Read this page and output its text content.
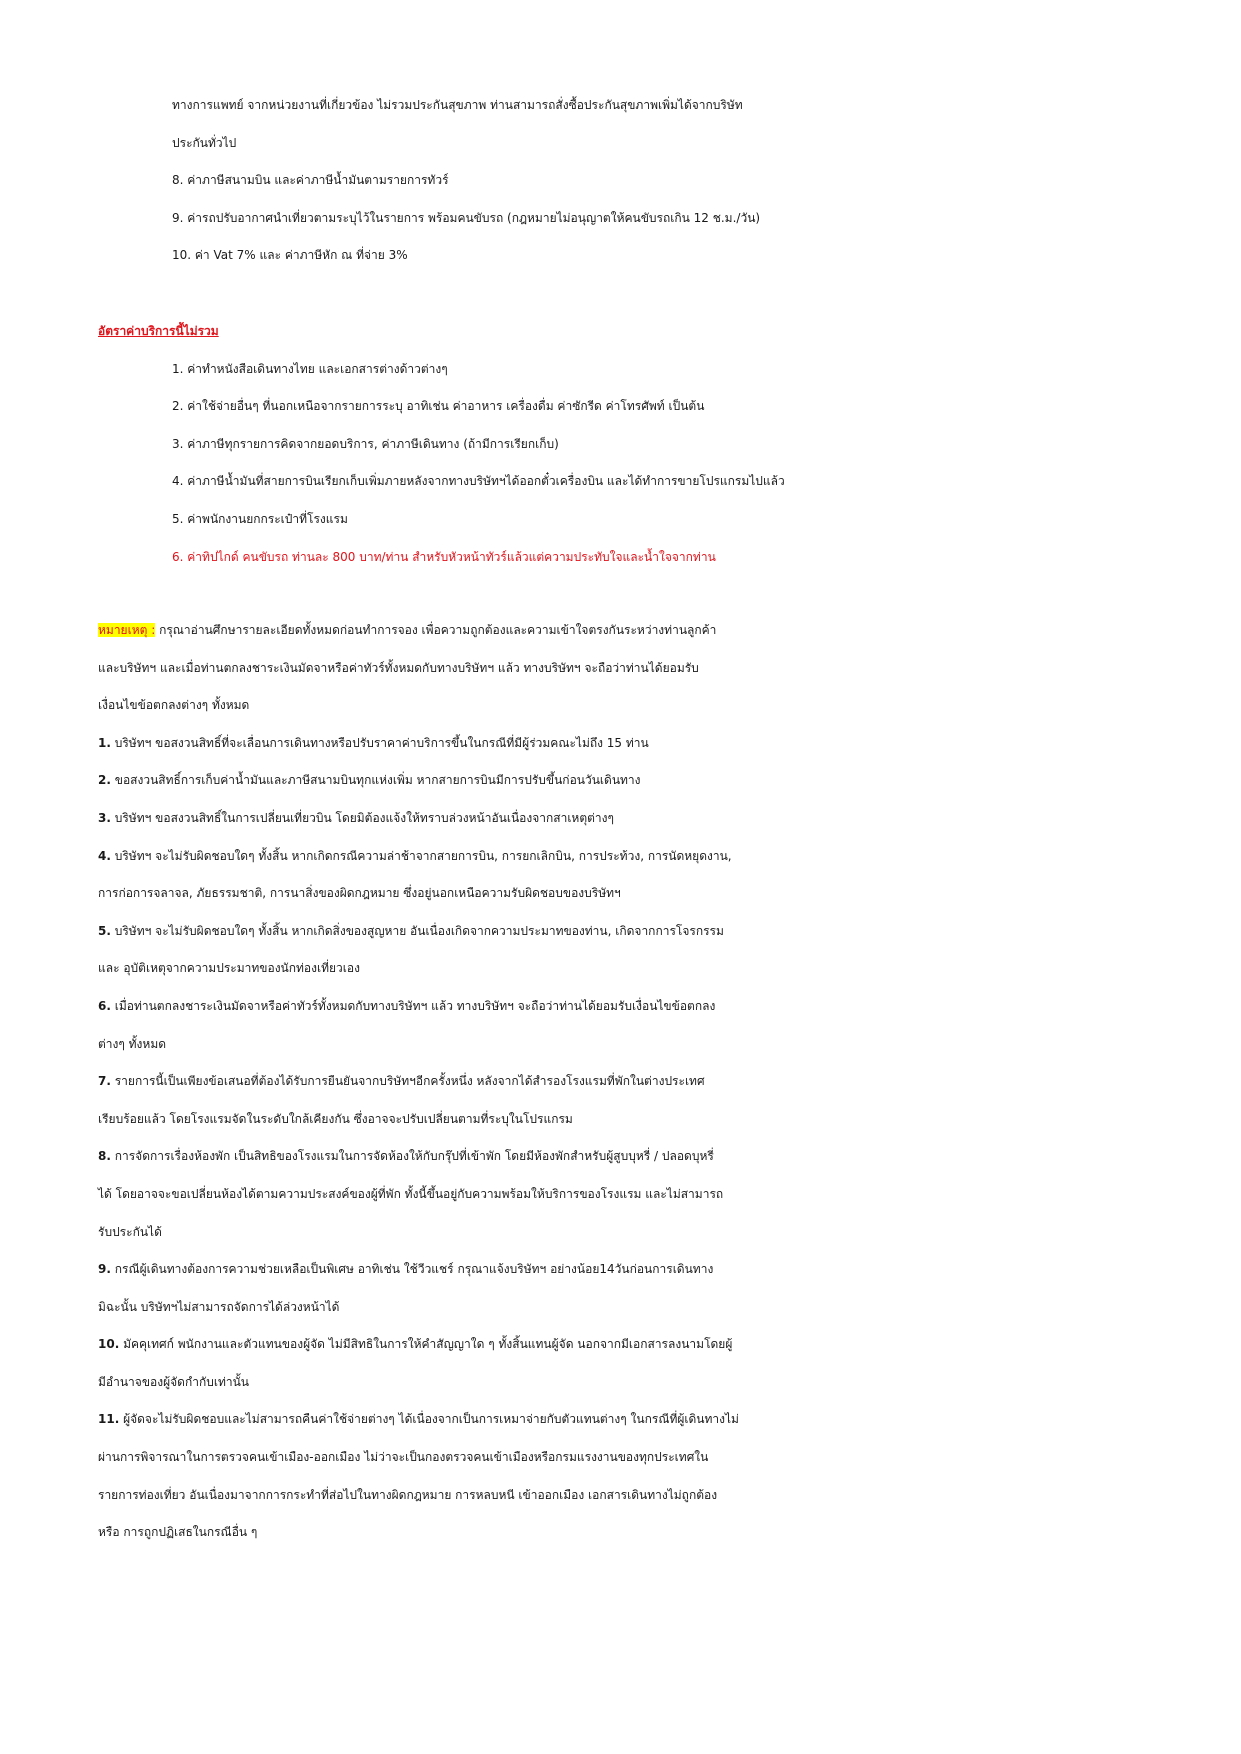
ทางการแพทย์ จากหน่วยงานที่เกี่ยวข้อง ไม่รวมประกันสุขภาพ ท่านสามารถสั่งซื้อประกันสุขภาพเพิ่มได้จากบริษัท
ประกันทั่วไป
8. ค่าภาษีสนามบิน และค่าภาษีน้ำมันตามรายการทัวร์
9. ค่ารถปรับอากาศนำเที่ยวตามระบุไว้ในรายการ พร้อมคนขับรถ (กฎหมายไม่อนุญาตให้คนขับรถเกิน 12 ช.ม./วัน)
10. ค่า Vat 7% และ ค่าภาษีหัก ณ ที่จ่าย 3%
อัตราค่าบริการนี้ไม่รวม
1. ค่าทำหนังสือเดินทางไทย และเอกสารต่างด้าวต่างๆ
2. ค่าใช้จ่ายอื่นๆ ที่นอกเหนือจากรายการระบุ อาทิเช่น ค่าอาหาร เครื่องดื่ม ค่าซักรีด ค่าโทรศัพท์ เป็นต้น
3. ค่าภาษีทุกรายการคิดจากยอดบริการ, ค่าภาษีเดินทาง (ถ้ามีการเรียกเก็บ)
4. ค่าภาษีน้ำมันที่สายการบินเรียกเก็บเพิ่มภายหลังจากทางบริษัทฯได้ออกตั๋วเครื่องบิน และได้ทำการขายโปรแกรมไปแล้ว
5. ค่าพนักงานยกกระเป๋าที่โรงแรม
6. ค่าทิปไกด์ คนขับรถ ท่านละ 800 บาท/ท่าน สำหรับหัวหน้าทัวร์แล้วแต่ความประทับใจและน้ำใจจากท่าน
หมายเหตุ : กรุณาอ่านศึกษารายละเอียดทั้งหมดก่อนทำการจอง เพื่อความถูกต้องและความเข้าใจตรงกันระหว่างท่านลูกค้า
และบริษัทฯ และเมื่อท่านตกลงชาระเงินมัดจาหรือค่าทัวร์ทั้งหมดกับทางบริษัทฯ แล้ว ทางบริษัทฯ จะถือว่าท่านได้ยอมรับ
เงื่อนไขข้อตกลงต่างๆ ทั้งหมด
1. บริษัทฯ ขอสงวนสิทธิ์ที่จะเลื่อนการเดินทางหรือปรับราคาค่าบริการขึ้นในกรณีที่มีผู้ร่วมคณะไม่ถึง 15 ท่าน
2. ขอสงวนสิทธิ์การเก็บค่าน้ำมันและภาษีสนามบินทุกแห่งเพิ่ม หากสายการบินมีการปรับขึ้นก่อนวันเดินทาง
3. บริษัทฯ ขอสงวนสิทธิ์ในการเปลี่ยนเที่ยวบิน โดยมิต้องแจ้งให้ทราบล่วงหน้าอันเนื่องจากสาเหตุต่างๆ
4. บริษัทฯ จะไม่รับผิดชอบใดๆ ทั้งสิ้น หากเกิดกรณีความล่าช้าจากสายการบิน, การยกเลิกบิน, การประท้วง, การนัดหยุดงาน,
การก่อการจลาจล, ภัยธรรมชาติ, การนาสิ่งของผิดกฎหมาย ซึ่งอยู่นอกเหนือความรับผิดชอบของบริษัทฯ
5. บริษัทฯ จะไม่รับผิดชอบใดๆ ทั้งสิ้น หากเกิดสิ่งของสูญหาย อันเนื่องเกิดจากความประมาทของท่าน, เกิดจากการโจรกรรม
และ อุบัติเหตุจากความประมาทของนักท่องเที่ยวเอง
6. เมื่อท่านตกลงชาระเงินมัดจาหรือค่าทัวร์ทั้งหมดกับทางบริษัทฯ แล้ว ทางบริษัทฯ จะถือว่าท่านได้ยอมรับเงื่อนไขข้อตกลง
ต่างๆ ทั้งหมด
7. รายการนี้เป็นเพียงข้อเสนอที่ต้องได้รับการยืนยันจากบริษัทฯอีกครั้งหนึ่ง หลังจากได้สำรองโรงแรมที่พักในต่างประเทศ
เรียบร้อยแล้ว โดยโรงแรมจัดในระดับใกล้เคียงกัน ซึ่งอาจจะปรับเปลี่ยนตามที่ระบุในโปรแกรม
8. การจัดการเรื่องห้องพัก เป็นสิทธิของโรงแรมในการจัดห้องให้กับกรุ๊ปที่เข้าพัก โดยมีห้องพักสำหรับผู้สูบบุหรี่ / ปลอดบุหรี่
ได้ โดยอาจจะขอเปลี่ยนห้องได้ตามความประสงค์ของผู้ที่พัก ทั้งนี้ขึ้นอยู่กับความพร้อมให้บริการของโรงแรม และไม่สามารถ
รับประกันได้
9. กรณีผู้เดินทางต้องการความช่วยเหลือเป็นพิเศษ อาทิเช่น ใช้วีวแชร์ กรุณาแจ้งบริษัทฯ อย่างน้อย14วันก่อนการเดินทาง
มิฉะนั้น บริษัทฯไม่สามารถจัดการได้ล่วงหน้าได้
10. มัคคุเทศก์ พนักงานและตัวแทนของผู้จัด ไม่มีสิทธิในการให้คำสัญญาใด ๆ ทั้งสิ้นแทนผู้จัด นอกจากมีเอกสารลงนามโดยผู้
มีอำนาจของผู้จัดกำกับเท่านั้น
11. ผู้จัดจะไม่รับผิดชอบและไม่สามารถคืนค่าใช้จ่ายต่างๆ ได้เนื่องจากเป็นการเหมาจ่ายกับตัวแทนต่างๆ ในกรณีที่ผู้เดินทางไม่
ผ่านการพิจารณาในการตรวจคนเข้าเมือง-ออกเมือง ไม่ว่าจะเป็นกองตรวจคนเข้าเมืองหรือกรมแรงงานของทุกประเทศใน
รายการท่องเที่ยว อันเนื่องมาจากการกระทำที่ส่อไปในทางผิดกฎหมาย การหลบหนี เข้าออกเมือง เอกสารเดินทางไม่ถูกต้อง
หรือ การถูกปฏิเสธในกรณีอื่น ๆ
